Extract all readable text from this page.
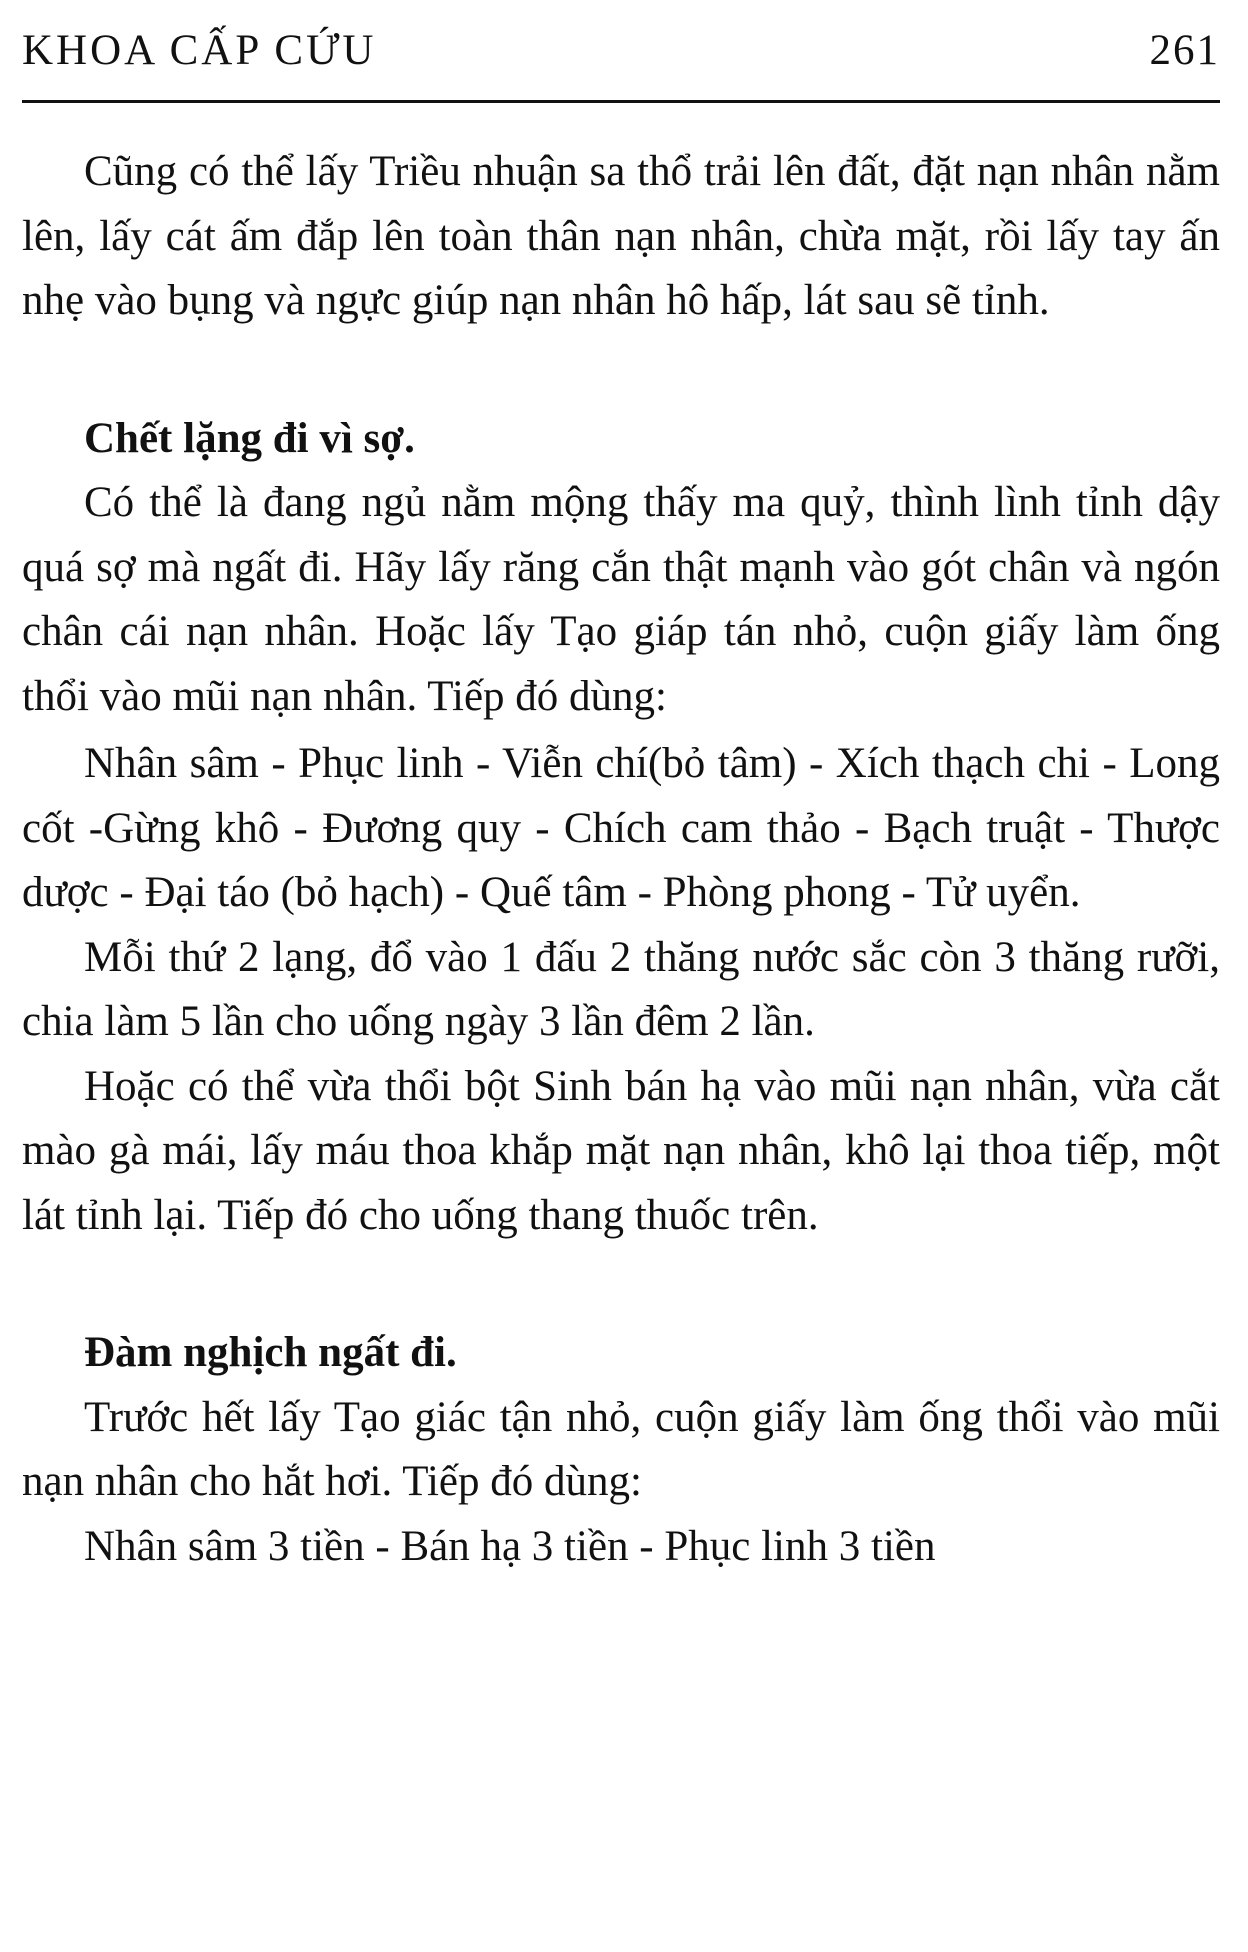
KHOA CẤP CỨU	261

Cũng có thể lấy Triều nhuận sa thổ trải lên đất, đặt nạn nhân nằm lên, lấy cát ấm đắp lên toàn thân nạn nhân, chừa mặt, rồi lấy tay ấn nhẹ vào bụng và ngực giúp nạn nhân hô hấp, lát sau sẽ tỉnh.

Chết lặng đi vì sợ.

Có thể là đang ngủ nằm mộng thấy ma quỷ, thình lình tỉnh dậy quá sợ mà ngất đi. Hãy lấy răng cắn thật mạnh vào gót chân và ngón chân cái nạn nhân. Hoặc lấy Tạo giáp tán nhỏ, cuộn giấy làm ống thổi vào mũi nạn nhân. Tiếp đó dùng:

Nhân sâm - Phục linh - Viễn chí(bỏ tâm) - Xích thạch chi - Long cốt -Gừng khô - Đương quy - Chích cam thảo - Bạch truật - Thược dược - Đại táo (bỏ hạch) - Quế tâm - Phòng phong - Tử uyển.

Mỗi thứ 2 lạng, đổ vào 1 đấu 2 thăng nước sắc còn 3 thăng rưỡi, chia làm 5 lần cho uống ngày 3 lần đêm 2 lần.

Hoặc có thể vừa thổi bột Sinh bán hạ vào mũi nạn nhân, vừa cắt mào gà mái, lấy máu thoa khắp mặt nạn nhân, khô lại thoa tiếp, một lát tỉnh lại. Tiếp đó cho uống thang thuốc trên.

Đàm nghịch ngất đi.

Trước hết lấy Tạo giác tận nhỏ, cuộn giấy làm ống thổi vào mũi nạn nhân cho hắt hơi. Tiếp đó dùng:

Nhân sâm 3 tiền - Bán hạ 3 tiền - Phục linh 3 tiền
